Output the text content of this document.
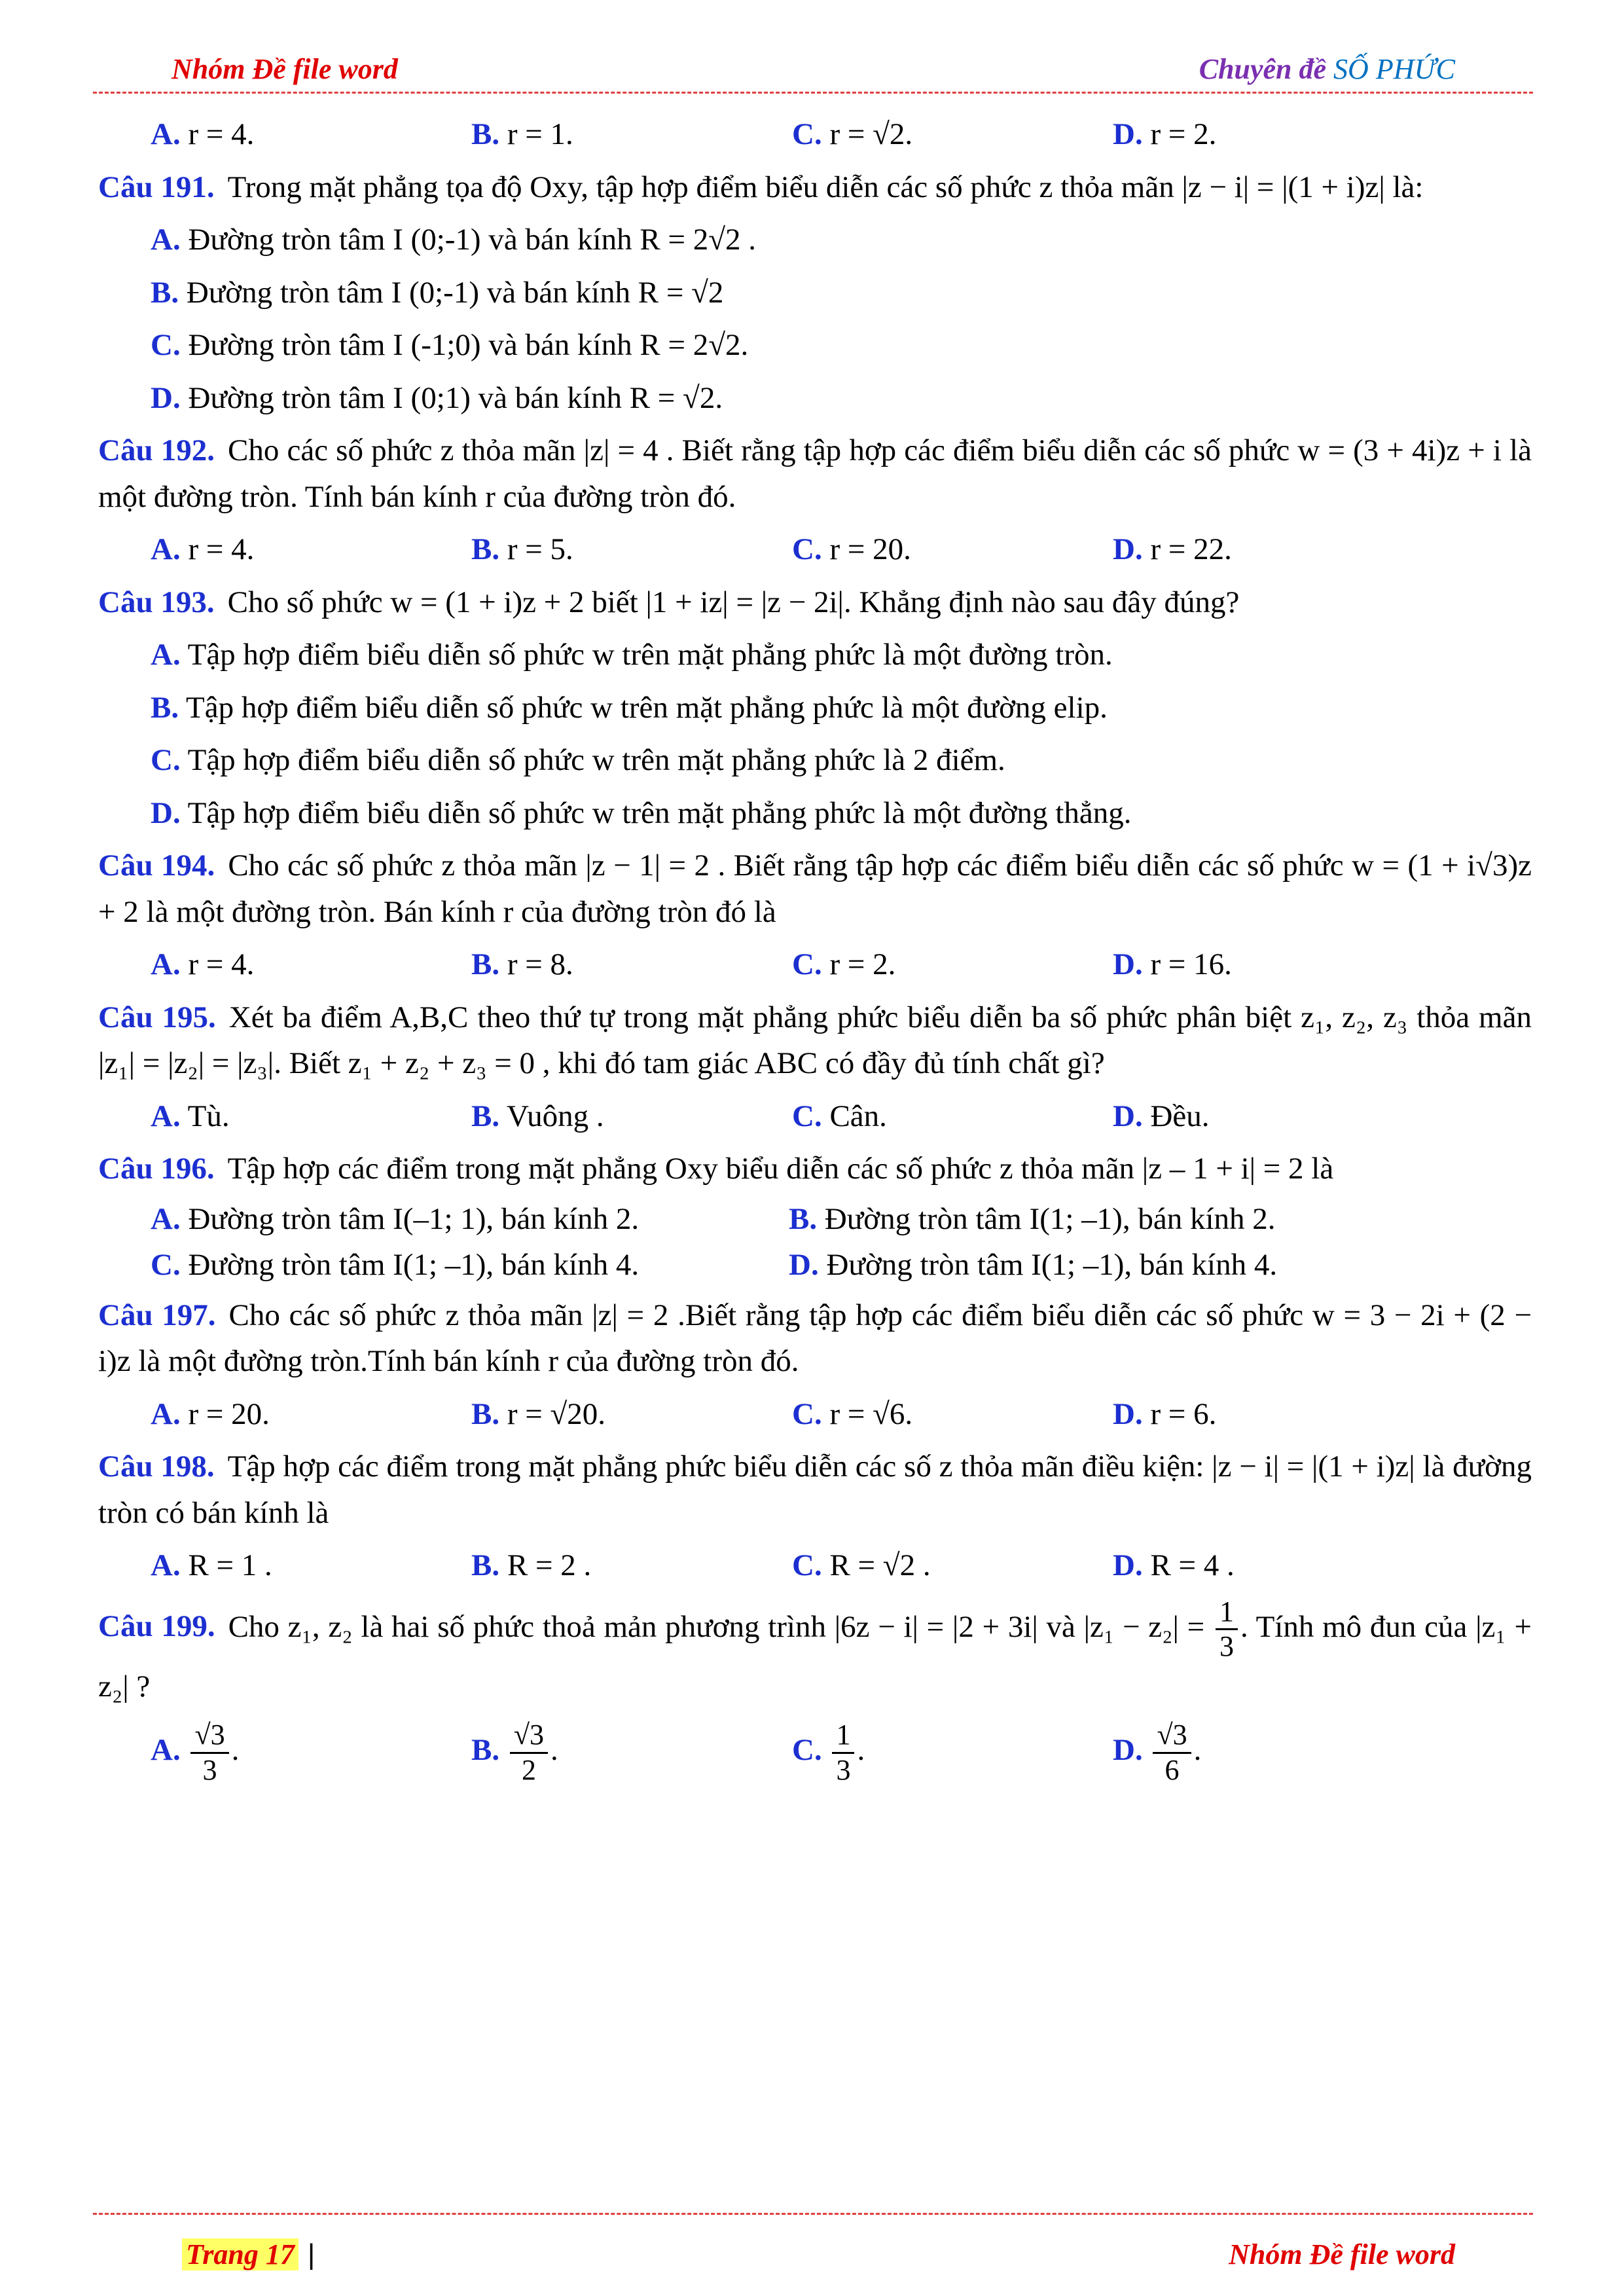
Nhóm Đề file word	Chuyên đề SỐ PHỨC
A. r = 4.	B. r = 1.	C. r = √2.	D. r = 2.
Câu 191. Trong mặt phẳng tọa độ Oxy, tập hợp điểm biểu diễn các số phức z thỏa mãn |z − i| = |(1 + i)z| là:
A. Đường tròn tâm I (0;-1) và bán kính R = 2√2 .
B. Đường tròn tâm I (0;-1) và bán kính R = √2
C. Đường tròn tâm I (-1;0) và bán kính R = 2√2.
D. Đường tròn tâm I (0;1) và bán kính R = √2.
Câu 192. Cho các số phức z thỏa mãn |z| = 4 . Biết rằng tập hợp các điểm biểu diễn các số phức w = (3 + 4i)z + i là một đường tròn. Tính bán kính r của đường tròn đó.
A. r = 4.	B. r = 5.	C. r = 20.	D. r = 22.
Câu 193. Cho số phức w = (1 + i)z + 2 biết |1 + iz| = |z − 2i|. Khẳng định nào sau đây đúng?
A. Tập hợp điểm biểu diễn số phức w trên mặt phẳng phức là một đường tròn.
B. Tập hợp điểm biểu diễn số phức w trên mặt phẳng phức là một đường elip.
C. Tập hợp điểm biểu diễn số phức w trên mặt phẳng phức là 2 điểm.
D. Tập hợp điểm biểu diễn số phức w trên mặt phẳng phức là một đường thẳng.
Câu 194. Cho các số phức z thỏa mãn |z − 1| = 2 . Biết rằng tập hợp các điểm biểu diễn các số phức w = (1 + i√3)z + 2 là một đường tròn. Bán kính r của đường tròn đó là
A. r = 4.	B. r = 8.	C. r = 2.	D. r = 16.
Câu 195. Xét ba điểm A,B,C theo thứ tự trong mặt phẳng phức biểu diễn ba số phức phân biệt z₁, z₂, z₃ thỏa mãn |z₁| = |z₂| = |z₃|. Biết z₁ + z₂ + z₃ = 0 , khi đó tam giác ABC có đầy đủ tính chất gì?
A. Tù.	B. Vuông .	C. Cân.	D. Đều.
Câu 196. Tập hợp các điểm trong mặt phẳng Oxy biểu diễn các số phức z thỏa mãn |z – 1 + i| = 2 là
A. Đường tròn tâm I(–1; 1), bán kính 2.	B. Đường tròn tâm I(1; –1), bán kính 2.
C. Đường tròn tâm I(1; –1), bán kính 4.	D. Đường tròn tâm I(1; –1), bán kính 4.
Câu 197. Cho các số phức z thỏa mãn |z| = 2 .Biết rằng tập hợp các điểm biểu diễn các số phức w = 3 − 2i + (2 − i)z là một đường tròn.Tính bán kính r của đường tròn đó.
A. r = 20.	B. r = √20.	C. r = √6.	D. r = 6.
Câu 198. Tập hợp các điểm trong mặt phẳng phức biểu diễn các số z thỏa mãn điều kiện: |z − i| = |(1 + i)z| là đường tròn có bán kính là
A. R = 1 .	B. R = 2 .	C. R = √2 .	D. R = 4 .
Câu 199. Cho z₁, z₂ là hai số phức thoả mản phương trình |6z − i| = |2 + 3i| và $|z_1 - z_2| = \frac{1}{3}$ . Tính mô đun của |z₁ + z₂| ?
A. $\frac{√3}{3}$ .	B. $\frac{√3}{2}$ .	C. $\frac{1}{3}$ .	D. $\frac{√3}{6}$ .
Trang 17 |	Nhóm Đề file word
